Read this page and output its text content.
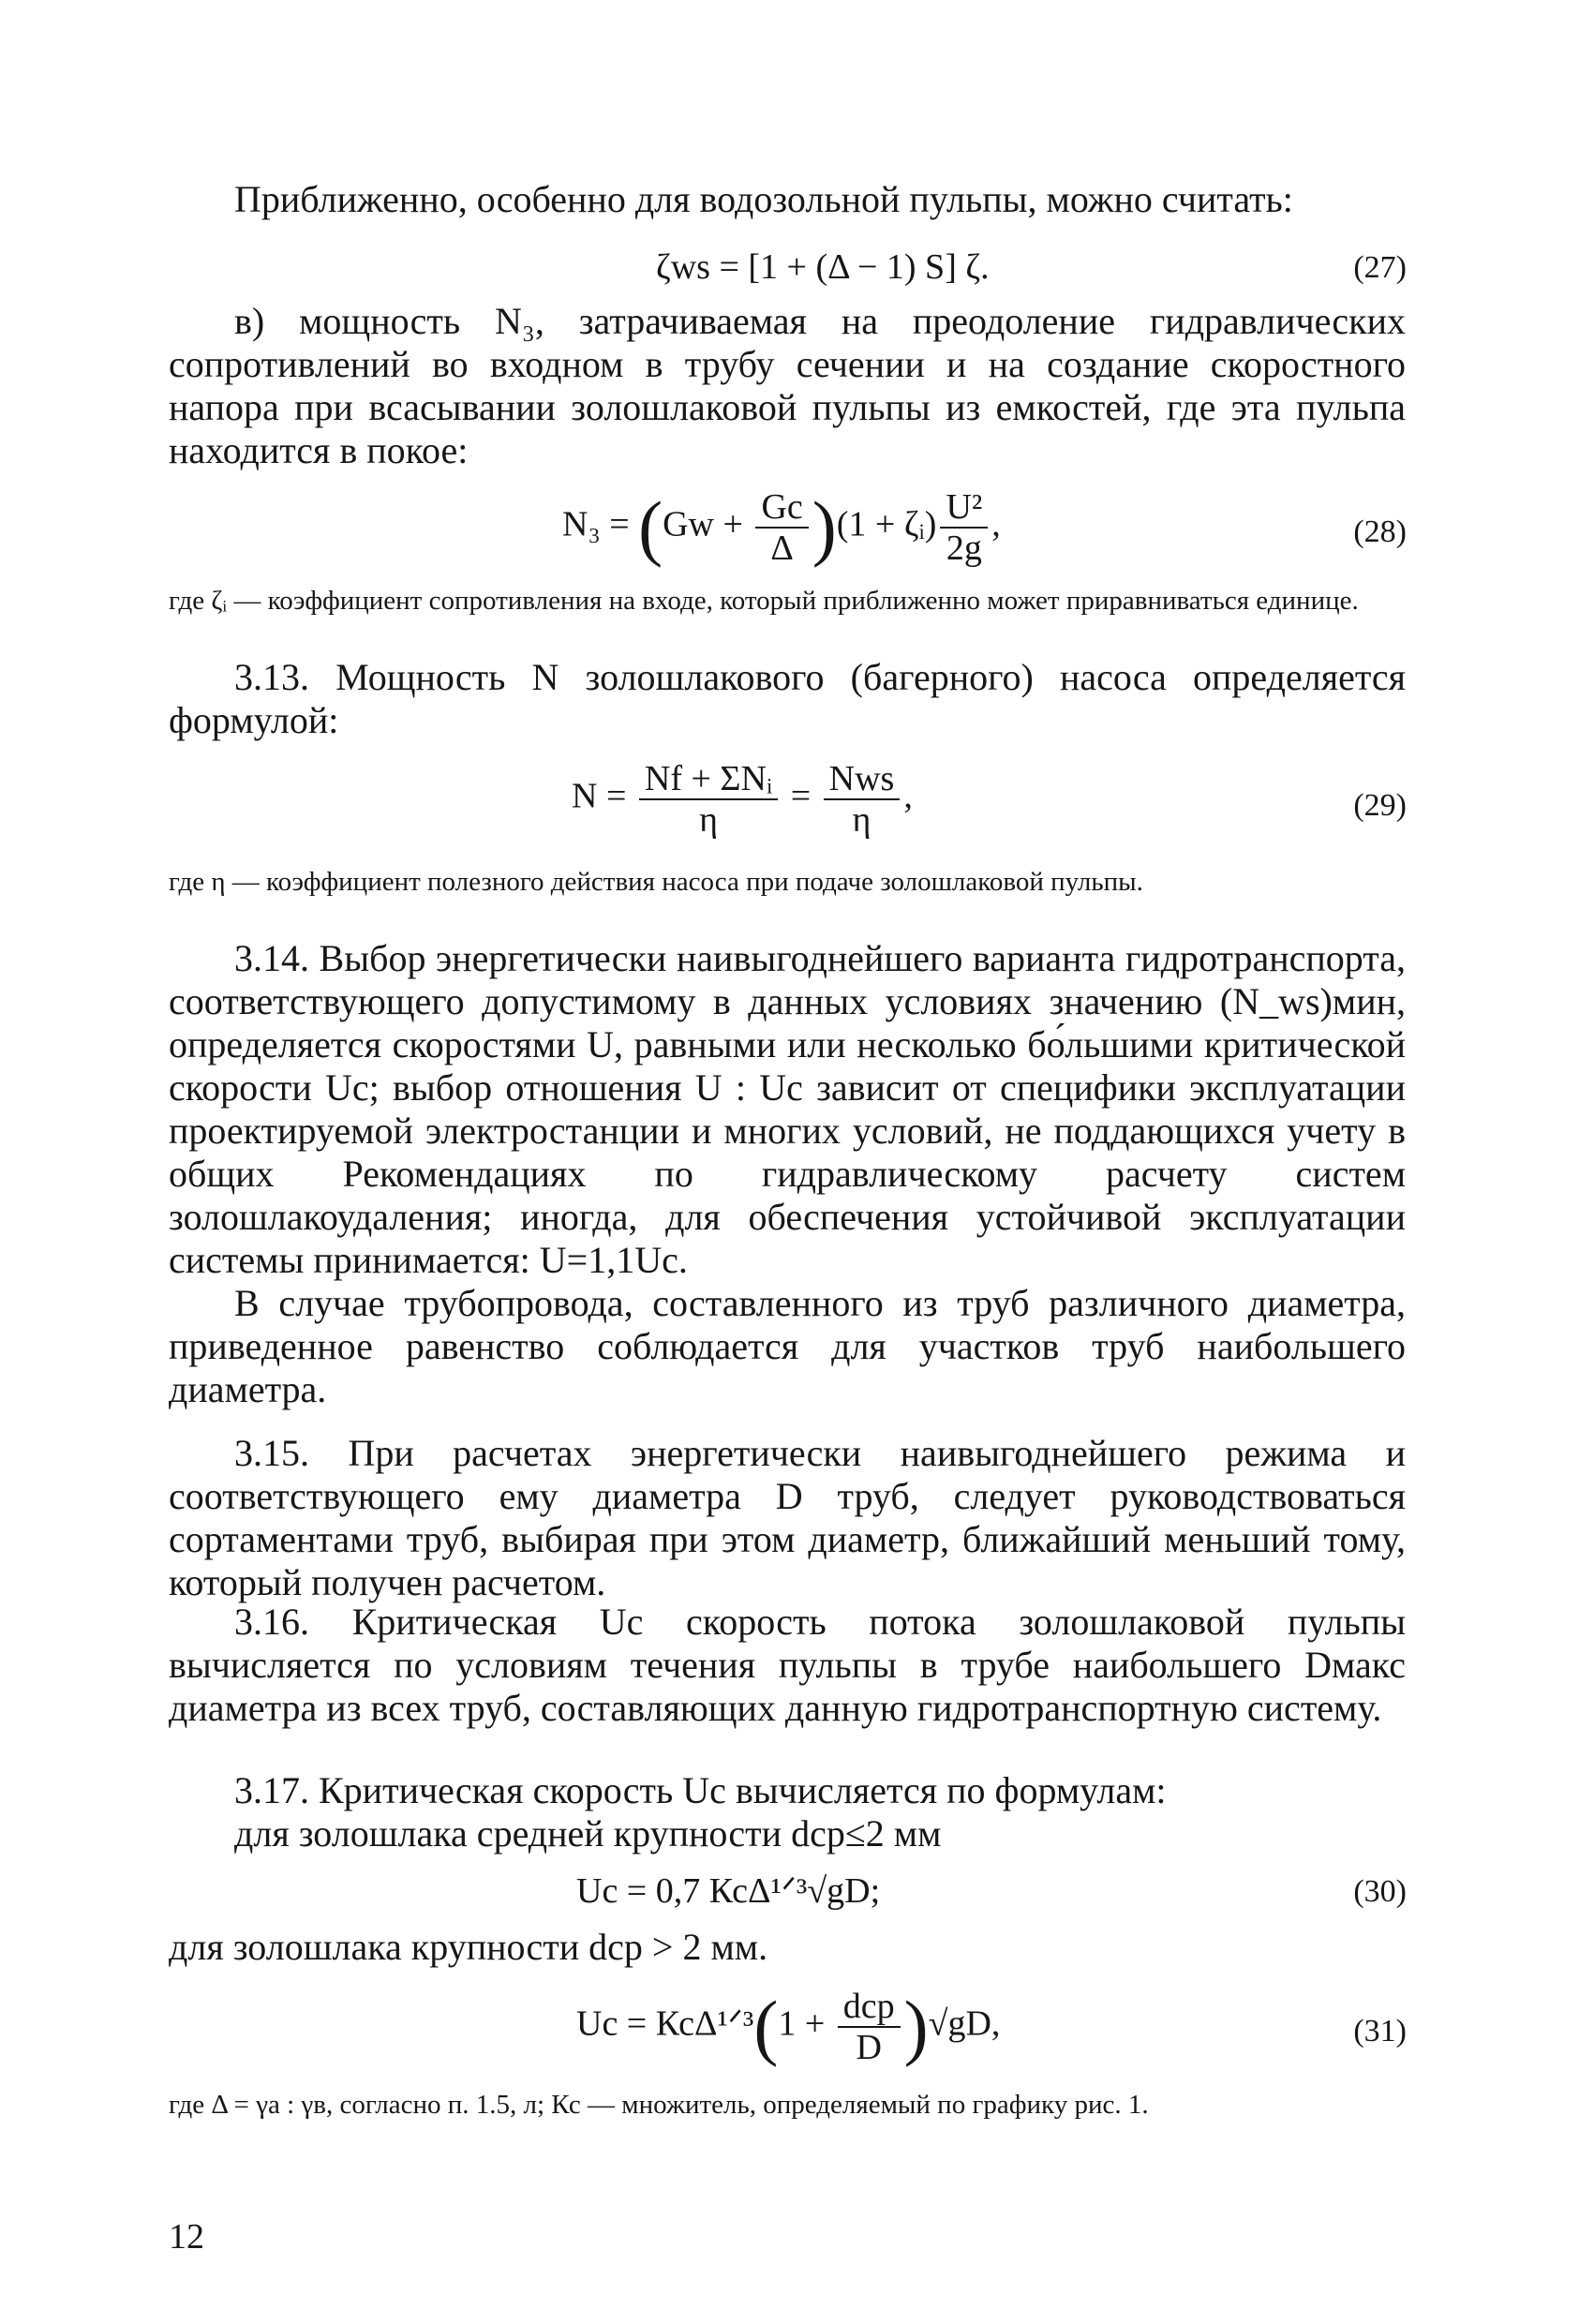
Приближенно, особенно для водозольной пульпы, можно считать:

ζws = [1 + (Δ − 1) S] ζ.	(27)

в) мощность N₃, затрачиваемая на преодоление гидравлических сопротивлений во входном в трубу сечении и на создание скоростного напора при всасывании золошлаковой пульпы из емкостей, где эта пульпа находится в покое:

$N_3 = (Gw + \frac{Gс}{\Delta} )(1$ + ζᵢ) $\frac{\text{U²}}{2g}$ ,	(28)

где ζᵢ — коэффициент сопротивления на входе, который приближенно может приравниваться единице.

3.13. Мощность N золошлакового (багерного) насоса определяется формулой:

$N = \frac{\text{Nf + ΣNᵢ}}{\eta} = \frac{\text{Nws}}{\eta}$ ,	(29)

где η — коэффициент полезного действия насоса при подаче золошлаковой пульпы.

3.14. Выбор энергетически наивыгоднейшего варианта гидротранспорта, соответствующего допустимому в данных условиях значению (N_ws)мин, определяется скоростями U, равными или несколько бо́льшими критической скорости Uс; выбор отношения U : Uс зависит от специфики эксплуатации проектируемой электростанции и многих условий, не поддающихся учету в общих Рекомендациях по гидравлическому расчету систем золошлакоудаления; иногда, для обеспечения устойчивой эксплуатации системы принимается: U=1,1Uс.

В случае трубопровода, составленного из труб различного диаметра, приведенное равенство соблюдается для участков труб наибольшего диаметра.

3.15. При расчетах энергетически наивыгоднейшего режима и соответствующего ему диаметра D труб, следует руководствоваться сортаментами труб, выбирая при этом диаметр, ближайший меньший тому, который получен расчетом.

3.16. Критическая Uс скорость потока золошлаковой пульпы вычисляется по условиям течения пульпы в трубе наибольшего Dмакс диаметра из всех труб, составляющих данную гидротранспортную систему.

3.17. Критическая скорость Uс вычисляется по формулам:

для золошлака средней крупности dср≤2 мм

Uс = 0,7 КсΔ¹ᐟ³√gD;	(30)

для золошлака крупности dср > 2 мм.

Uс = КсΔ¹ᐟ³(1 + $\frac{\text{dср}}{D} )√gD$,	(31)

где Δ = γа : γв, согласно п. 1.5, л; Кс — множитель, определяемый по графику рис. 1.

12
